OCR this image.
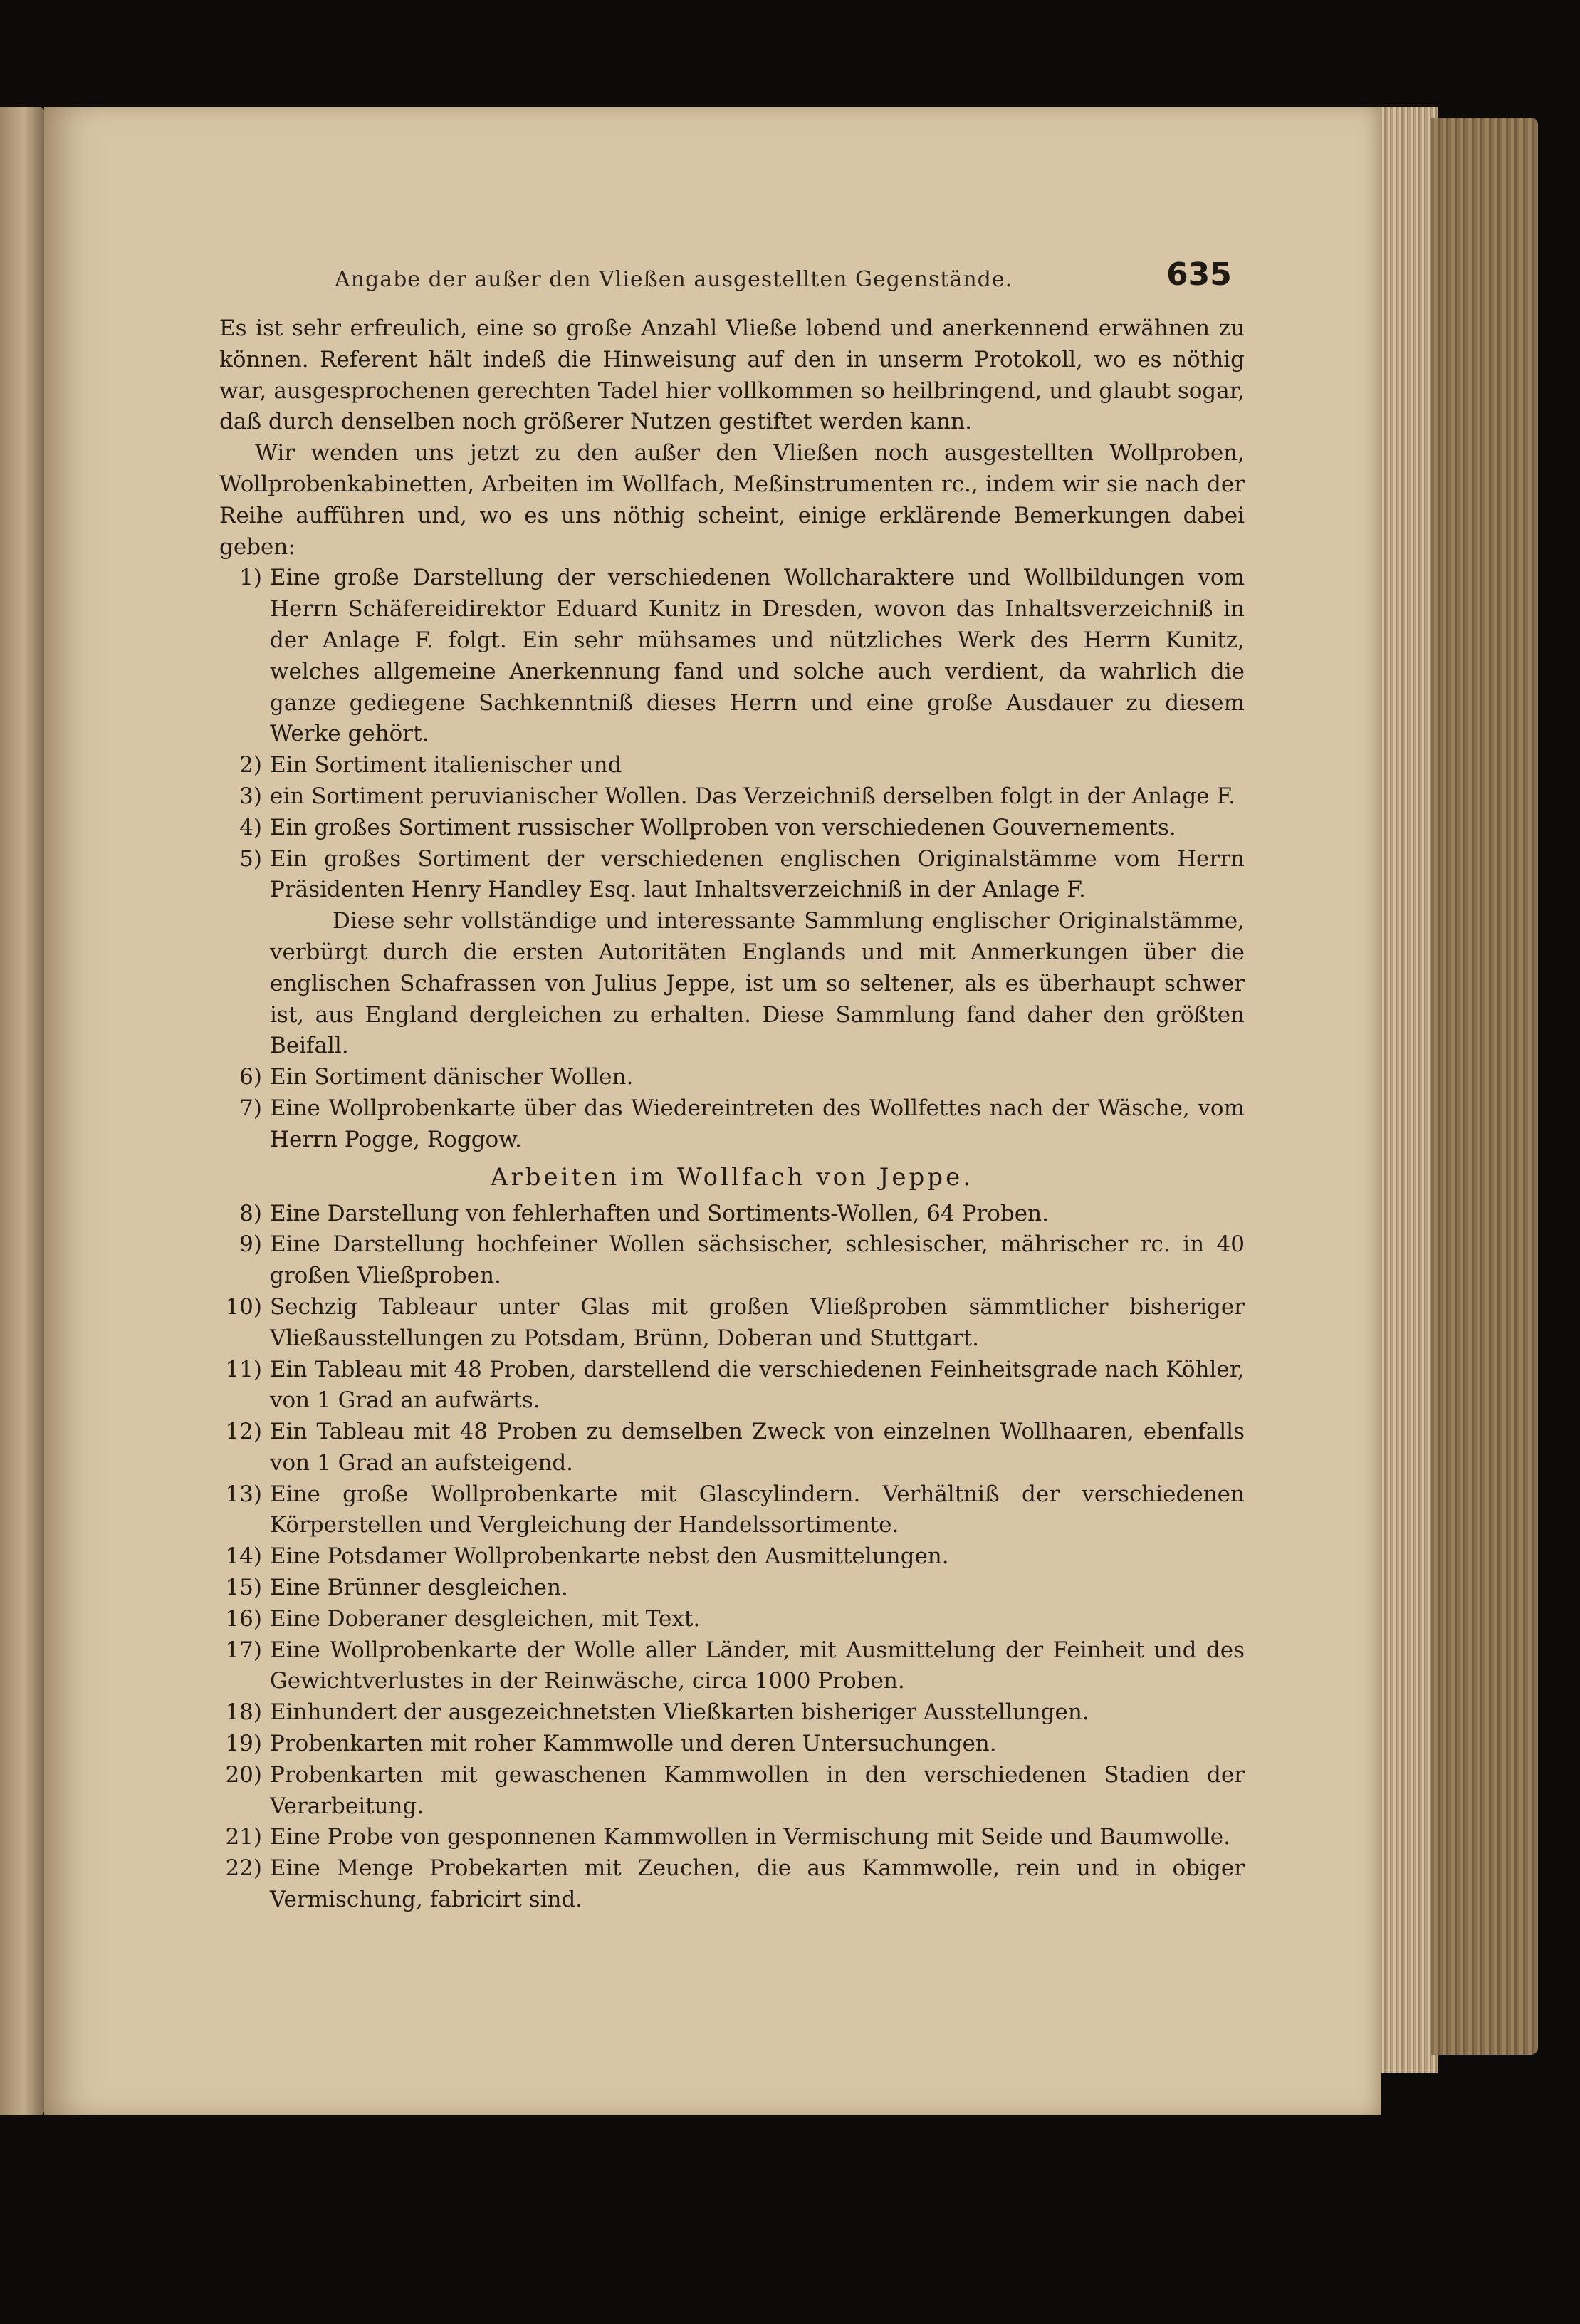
Angabe der außer den Vließen ausgestellten Gegenstände.	635

Es ist sehr erfreulich, eine so große Anzahl Vließe lobend und anerkennend erwähnen zu können. Referent hält indeß die Hinweisung auf den in unserm Protokoll, wo es nöthig war, ausgesprochenen gerechten Tadel hier vollkommen so heilbringend, und glaubt sogar, daß durch denselben noch größerer Nutzen gestiftet werden kann.

Wir wenden uns jetzt zu den außer den Vließen noch ausgestellten Wollproben, Wollprobenkabinetten, Arbeiten im Wollfach, Meßinstrumenten rc., indem wir sie nach der Reihe aufführen und, wo es uns nöthig scheint, einige erklärende Bemerkungen dabei geben:

1) Eine große Darstellung der verschiedenen Wollcharaktere und Wollbildungen vom Herrn Schäfereidirektor Eduard Kunitz in Dresden, wovon das Inhaltsverzeichniß in der Anlage F. folgt. Ein sehr mühsames und nützliches Werk des Herrn Kunitz, welches allgemeine Anerkennung fand und solche auch verdient, da wahrlich die ganze gediegene Sachkenntniß dieses Herrn und eine große Ausdauer zu diesem Werke gehört.
2) Ein Sortiment italienischer und
3) ein Sortiment peruvianischer Wollen. Das Verzeichniß derselben folgt in der Anlage F.
4) Ein großes Sortiment russischer Wollproben von verschiedenen Gouvernements.
5) Ein großes Sortiment der verschiedenen englischen Originalstämme vom Herrn Präsidenten Henry Handley Esq. laut Inhaltsverzeichniß in der Anlage F.
Diese sehr vollständige und interessante Sammlung englischer Originalstämme, verbürgt durch die ersten Autoritäten Englands und mit Anmerkungen über die englischen Schafrassen von Julius Jeppe, ist um so seltener, als es überhaupt schwer ist, aus England dergleichen zu erhalten. Diese Sammlung fand daher den größten Beifall.
6) Ein Sortiment dänischer Wollen.
7) Eine Wollprobenkarte über das Wiedereintreten des Wollfettes nach der Wäsche, vom Herrn Pogge, Roggow.
Arbeiten im Wollfach von Jeppe.
8) Eine Darstellung von fehlerhaften und Sortiments-Wollen, 64 Proben.
9) Eine Darstellung hochfeiner Wollen sächsischer, schlesischer, mährischer rc. in 40 großen Vließproben.
10) Sechzig Tableaur unter Glas mit großen Vließproben sämmtlicher bisheriger Vließausstellungen zu Potsdam, Brünn, Doberan und Stuttgart.
11) Ein Tableau mit 48 Proben, darstellend die verschiedenen Feinheitsgrade nach Köhler, von 1 Grad an aufwärts.
12) Ein Tableau mit 48 Proben zu demselben Zweck von einzelnen Wollhaaren, ebenfalls von 1 Grad an aufsteigend.
13) Eine große Wollprobenkarte mit Glascylindern. Verhältniß der verschiedenen Körperstellen und Vergleichung der Handelssortimente.
14) Eine Potsdamer Wollprobenkarte nebst den Ausmittelungen.
15) Eine Brünner desgleichen.
16) Eine Doberaner desgleichen, mit Text.
17) Eine Wollprobenkarte der Wolle aller Länder, mit Ausmittelung der Feinheit und des Gewichtverlustes in der Reinwäsche, circa 1000 Proben.
18) Einhundert der ausgezeichnetsten Vließkarten bisheriger Ausstellungen.
19) Probenkarten mit roher Kammwolle und deren Untersuchungen.
20) Probenkarten mit gewaschenen Kammwollen in den verschiedenen Stadien der Verarbeitung.
21) Eine Probe von gesponnenen Kammwollen in Vermischung mit Seide und Baumwolle.
22) Eine Menge Probekarten mit Zeuchen, die aus Kammwolle, rein und in obiger Vermischung, fabricirt sind.
